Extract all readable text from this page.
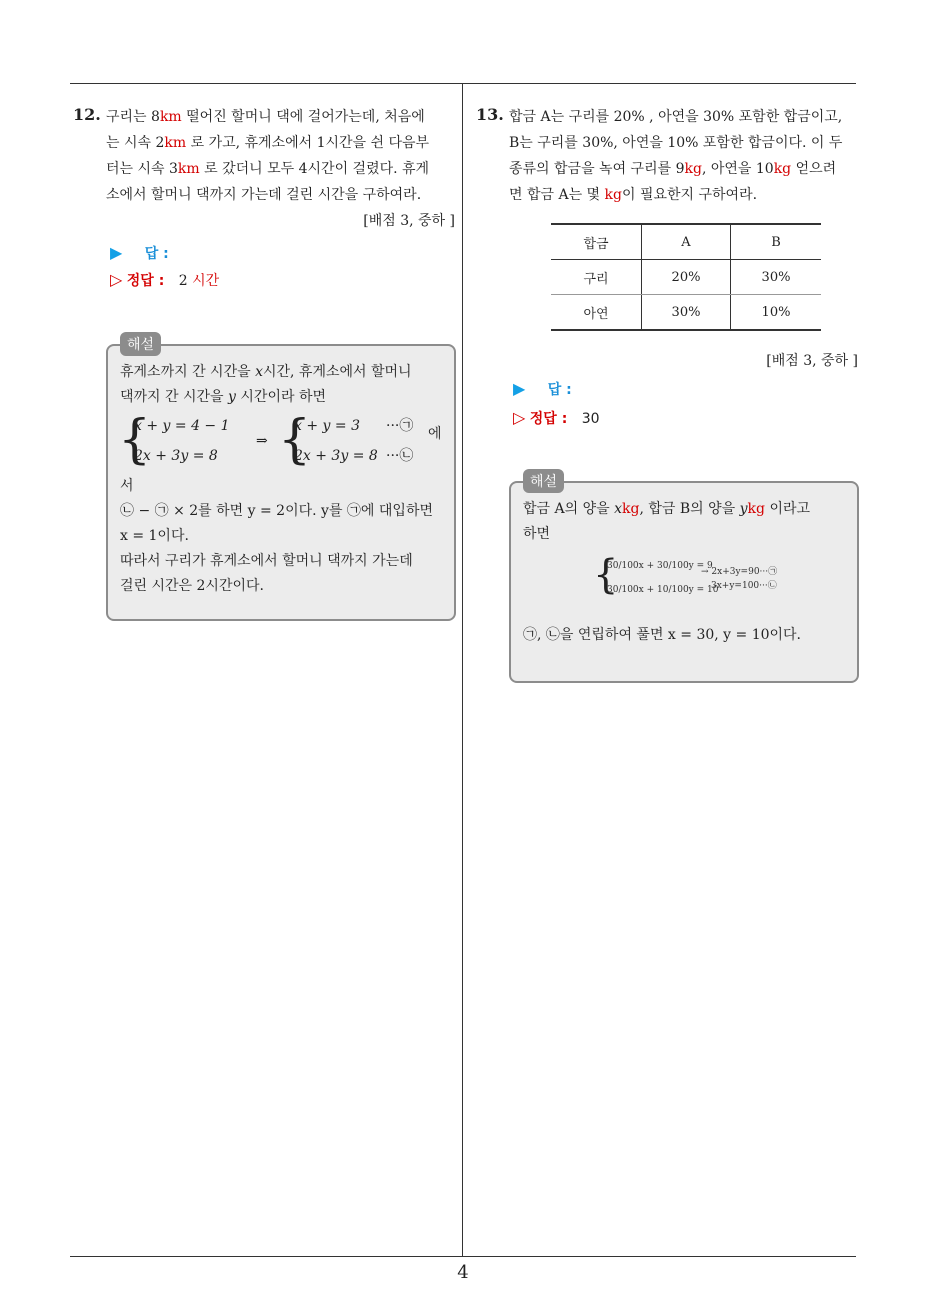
4
12. 구리는 8km 떨어진 할머니 댁에 걸어가는데, 처음에
는 시속 2km 로 가고, 휴게소에서 1시간을 쉰 다음부
터는 시속 3km 로 갔더니 모두 4시간이 걸렸다. 휴게
소에서 할머니 댁까지 가는데 걸린 시간을 구하여라.

[배점 3, 중하 ]
▶ 답 :
▷ 정답 : 2 시간
해설
휴게소까지 간 시간을 x시간, 휴게소에서 할머니
댁까지 간 시간을 y 시간이라 하면
{
x + y = 4 − 1
2x + 3y = 8
⇒ {
x + y = 3
2x + 3y = 8
···㉠
···㉡
에
서
㉡ − ㉠ × 2를 하면 y = 2이다. y를 ㉠에 대입하면
x = 1이다.
따라서 구리가 휴게소에서 할머니 댁까지 가는데
걸린 시간은 2시간이다.
13. 합금 A는 구리를 20% , 아연을 30% 포함한 합금이고,
B는 구리를 30%, 아연을 10% 포함한 합금이다. 이 두
종류의 합금을 녹여 구리를 9kg, 아연을 10kg 얻으려
면 합금 A는 몇 kg이 필요한지 구하여라.

합금	A	B
구리	20%	30%
아연	30%	10%
[배점 3, 중하 ]
▶ 답 :
▷ 정답 : 30
해설
합금 A의 양을 xkg, 합금 B의 양을 ykg 이라고
하면
{
30/100x + 30/100y = 9
30/100x + 10/100y = 10
→ 2x+3y=90···㉠
3x+y=100···㉡
㉠, ㉡을 연립하여 풀면 x = 30, y = 10이다.
